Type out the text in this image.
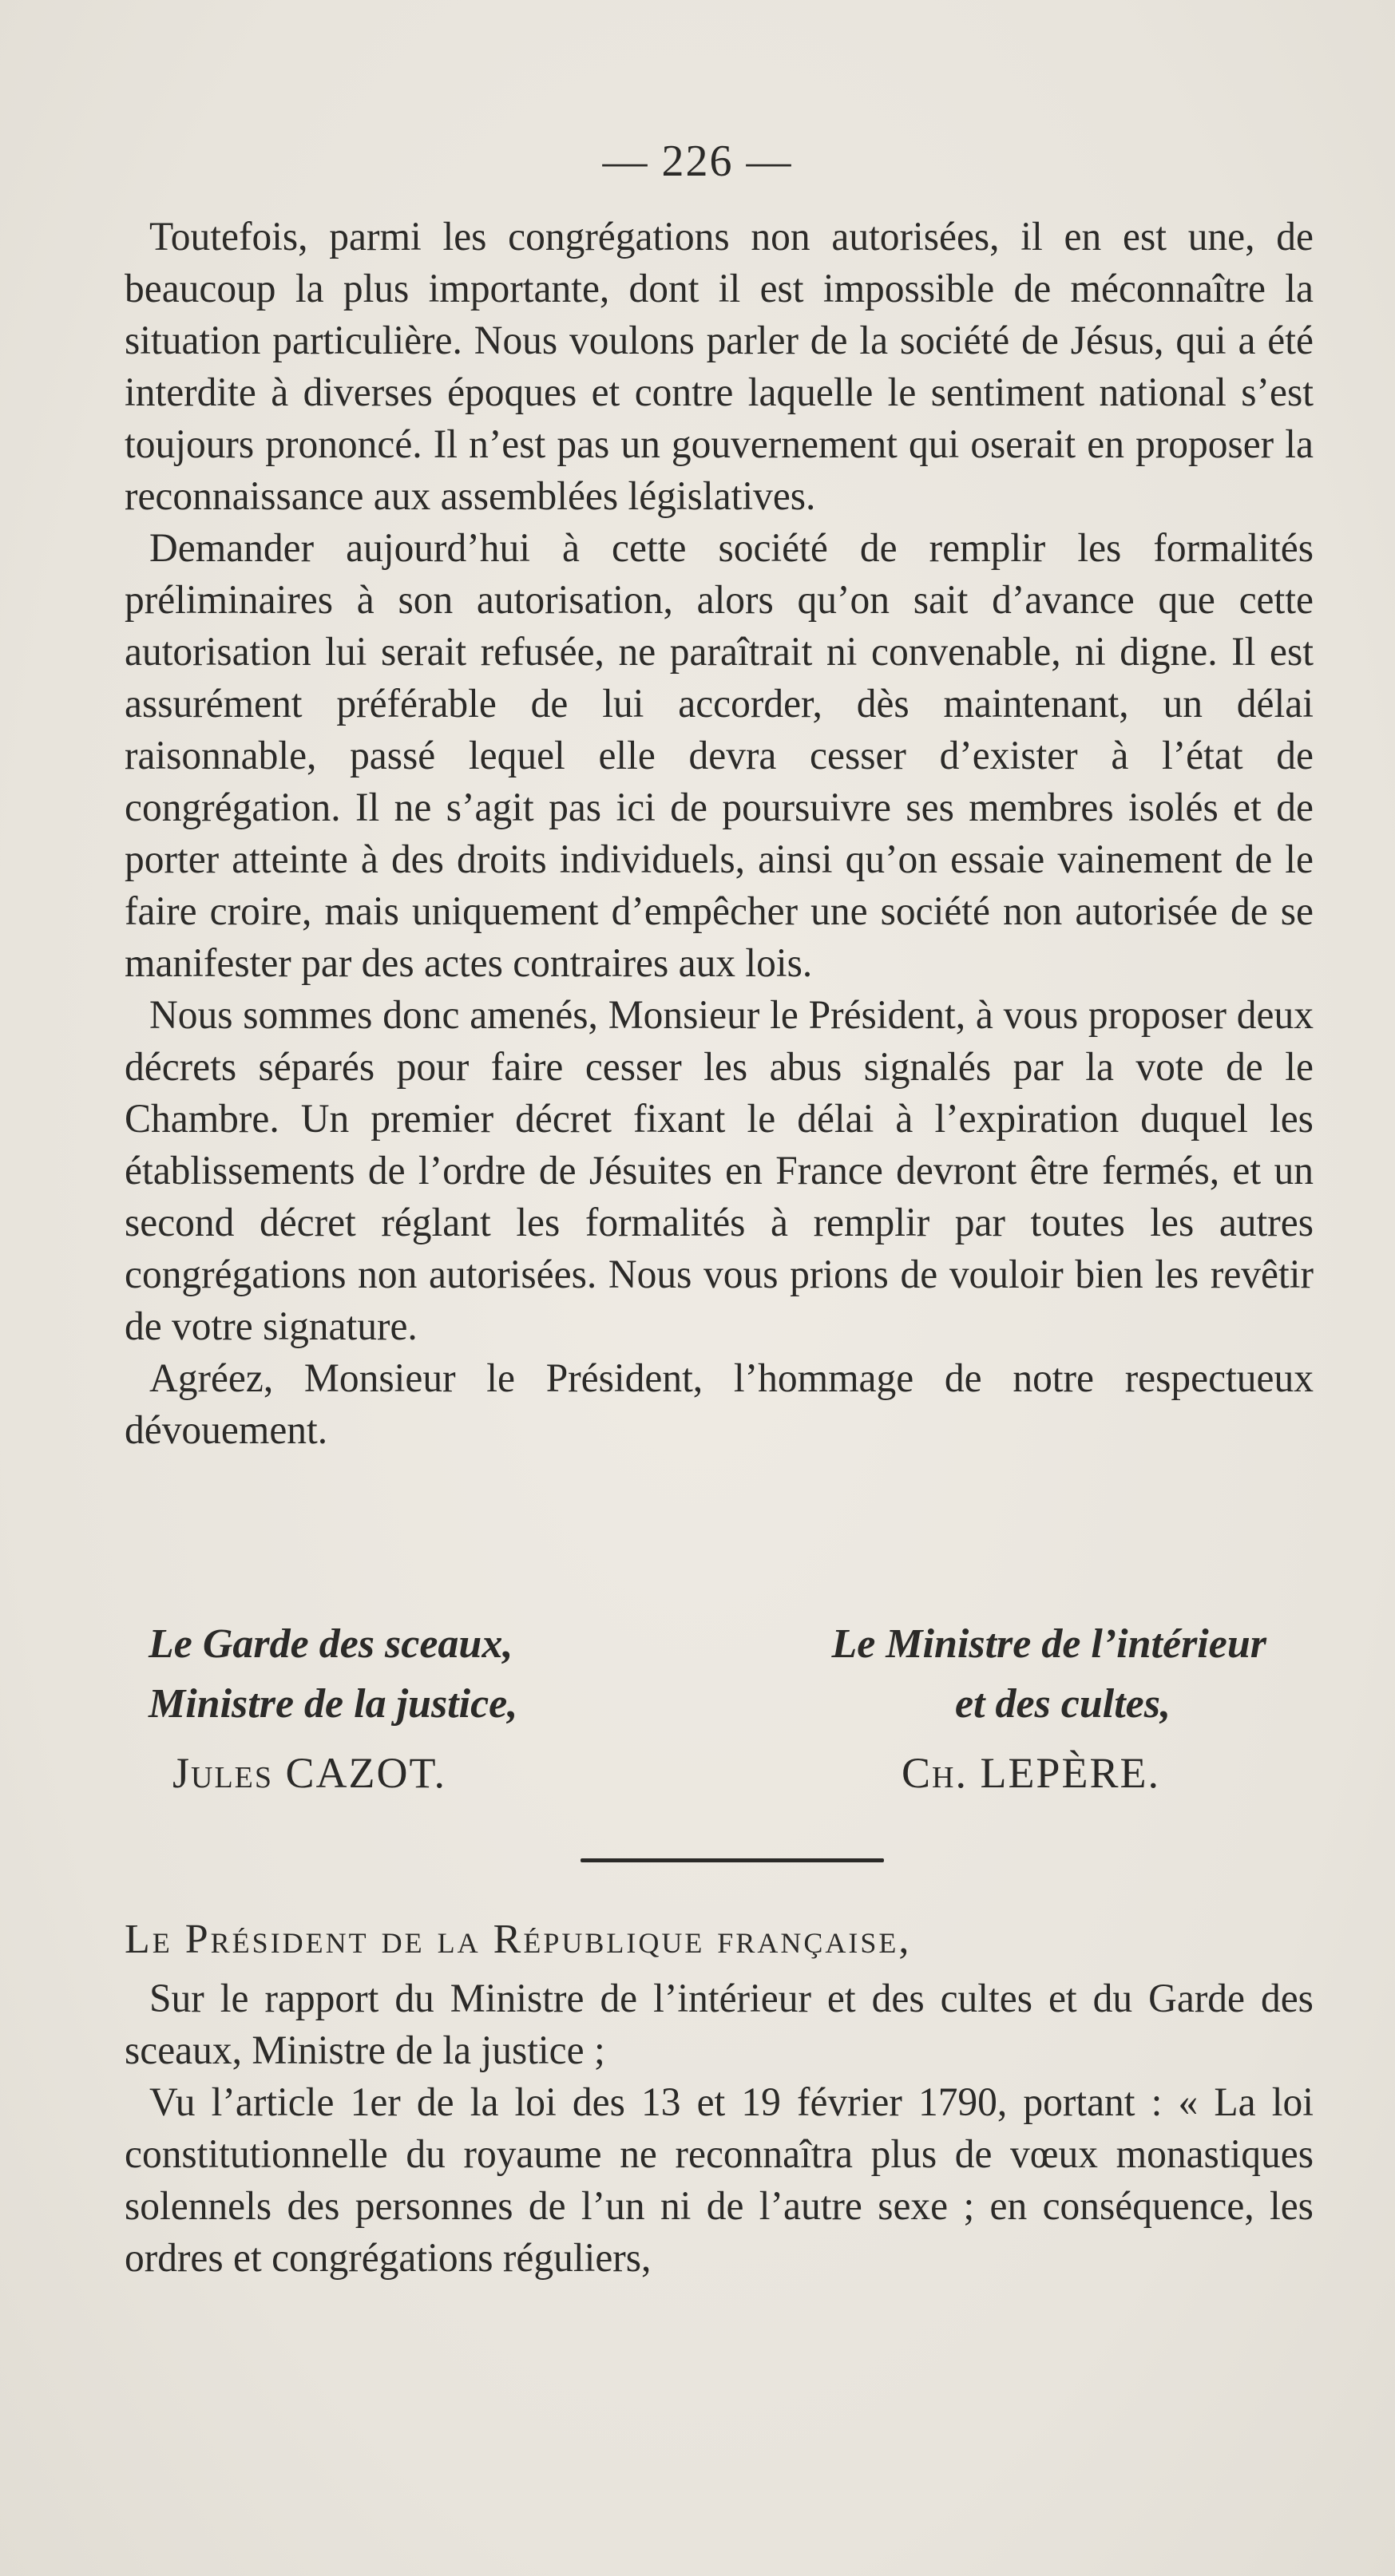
— 226 —

Toutefois, parmi les congrégations non autorisées, il en est une, de beaucoup la plus importante, dont il est impossible de méconnaître la situation particulière. Nous voulons parler de la société de Jésus, qui a été interdite à diverses époques et contre laquelle le sentiment national s’est toujours prononcé. Il n’est pas un gouvernement qui oserait en proposer la reconnaissance aux assemblées législatives.

Demander aujourd’hui à cette société de remplir les formalités préliminaires à son autorisation, alors qu’on sait d’avance que cette autorisation lui serait refusée, ne paraîtrait ni convenable, ni digne. Il est assurément préférable de lui accorder, dès maintenant, un délai raisonnable, passé lequel elle devra cesser d’exister à l’état de congrégation. Il ne s’agit pas ici de poursuivre ses membres isolés et de porter atteinte à des droits individuels, ainsi qu’on essaie vainement de le faire croire, mais uniquement d’empêcher une société non autorisée de se manifester par des actes contraires aux lois.

Nous sommes donc amenés, Monsieur le Président, à vous proposer deux décrets séparés pour faire cesser les abus signalés par la vote de le Chambre. Un premier décret fixant le délai à l’expiration duquel les établissements de l’ordre de Jésuites en France devront être fermés, et un second décret réglant les formalités à remplir par toutes les autres congrégations non autorisées. Nous vous prions de vouloir bien les revêtir de votre signature.

Agréez, Monsieur le Président, l’hommage de notre respectueux dévouement.

Le Garde des sceaux,	Le Ministre de l’intérieur
Ministre de la justice,	et des cultes,
Jules CAZOT.	Ch. LEPÈRE.
Le Président de la République française,

Sur le rapport du Ministre de l’intérieur et des cultes et du Garde des sceaux, Ministre de la justice ;

Vu l’article 1er de la loi des 13 et 19 février 1790, portant : « La loi constitutionnelle du royaume ne reconnaîtra plus de vœux monastiques solennels des personnes de l’un ni de l’autre sexe ; en conséquence, les ordres et congrégations réguliers,
